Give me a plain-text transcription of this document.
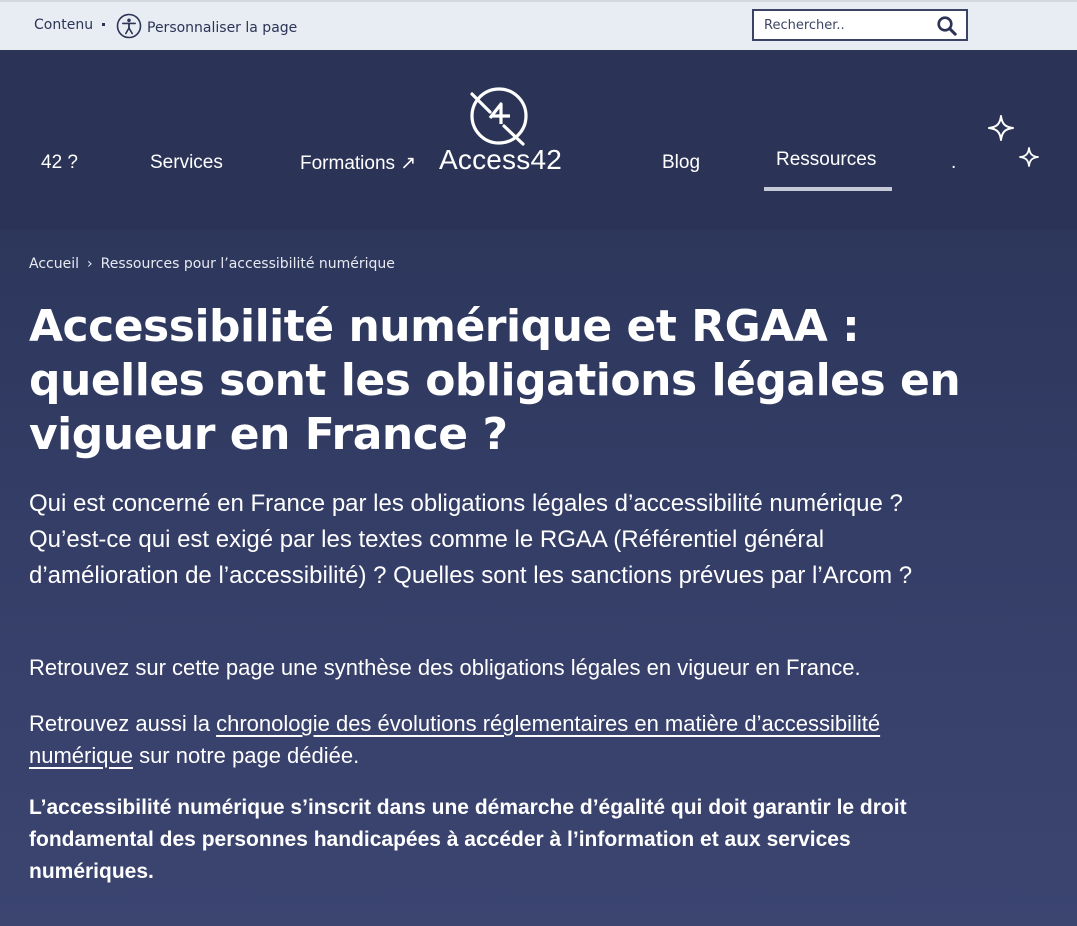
Contenu	Personnaliser la page
Rechercher..
42 ?	Services	Formations ↗ Access42	Blog	Ressources	.
Accueil › Ressources pour l’accessibilité numérique
Accessibilité numérique et RGAA : quelles sont les obligations légales en vigueur en France ?

Qui est concerné en France par les obligations légales d’accessibilité numérique ? Qu’est-ce qui est exigé par les textes comme le RGAA (Référentiel général d’amélioration de l’accessibilité) ? Quelles sont les sanctions prévues par l’Arcom ?

Retrouvez sur cette page une synthèse des obligations légales en vigueur en France.

Retrouvez aussi la chronologie des évolutions réglementaires en matière d’accessibilité numérique sur notre page dédiée.

L’accessibilité numérique s’inscrit dans une démarche d’égalité qui doit garantir le droit fondamental des personnes handicapées à accéder à l’information et aux services numériques.
